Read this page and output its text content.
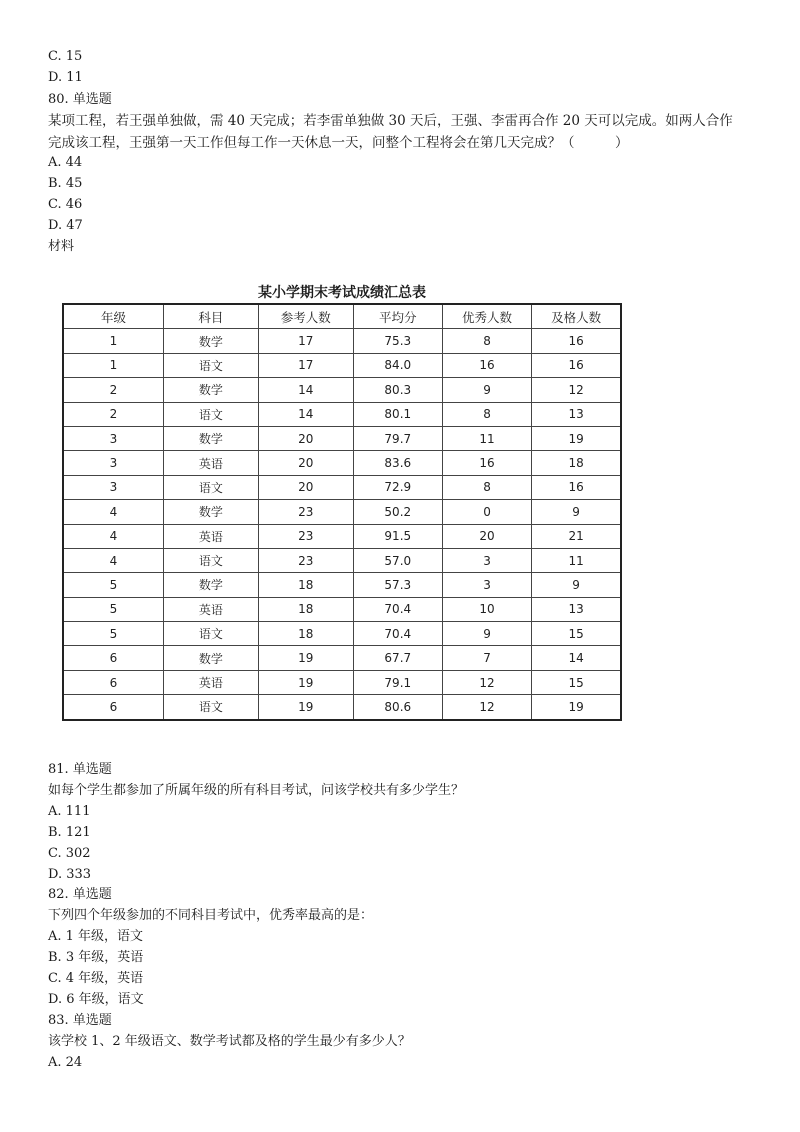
C. 15
D. 11
80. 单选题
某项工程，若王强单独做，需 40 天完成；若李雷单独做 30 天后，王强、李雷再合作 20 天可以完成。如两人合作
完成该工程，王强第一天工作但每工作一天休息一天，问整个工程将会在第几天完成？（　　　）
A. 44
B. 45
C. 46
D. 47
材料
某小学期末考试成绩汇总表
年级	科目	参考人数	平均分	优秀人数	及格人数
1	数学	17	75.3	8	16
1	语文	17	84.0	16	16
2	数学	14	80.3	9	12
2	语文	14	80.1	8	13
3	数学	20	79.7	11	19
3	英语	20	83.6	16	18
3	语文	20	72.9	8	16
4	数学	23	50.2	0	9
4	英语	23	91.5	20	21
4	语文	23	57.0	3	11
5	数学	18	57.3	3	9
5	英语	18	70.4	10	13
5	语文	18	70.4	9	15
6	数学	19	67.7	7	14
6	英语	19	79.1	12	15
6	语文	19	80.6	12	19
81. 单选题
如每个学生都参加了所属年级的所有科目考试，问该学校共有多少学生？
A. 111
B. 121
C. 302
D. 333
82. 单选题
下列四个年级参加的不同科目考试中，优秀率最高的是：
A. 1 年级，语文
B. 3 年级，英语
C. 4 年级，英语
D. 6 年级，语文
83. 单选题
该学校 1、2 年级语文、数学考试都及格的学生最少有多少人？
A. 24
